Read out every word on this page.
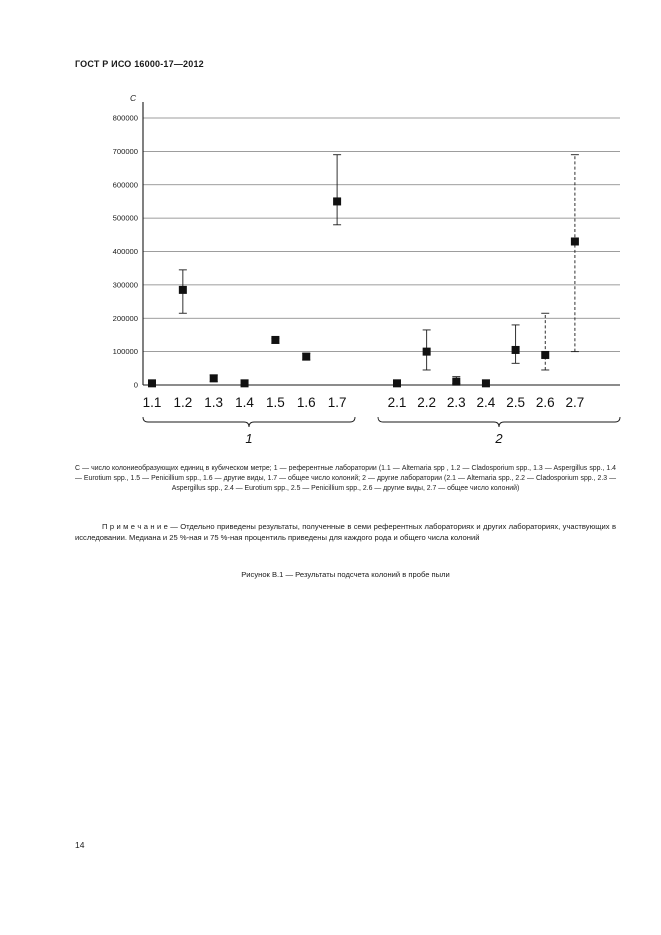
ГОСТ Р ИСО 16000-17—2012
0
100000
200000
300000
400000
500000
600000
700000
800000
С
1.1 1.2 1.3 1.4 1.5 1.6 1.7	2.1 2.2 2.3 2.4 2.5 2.6 2.7
1	2
С — число колониеобразующих единиц в кубическом метре; 1 — референтные лаборатории (1.1 — Alternaria spp , 1.2 — Cladosporium spp., 1.3 — Aspergillus spp., 1.4 — Eurotium spp., 1.5 — Penicillium spp., 1.6 — другие виды, 1.7 — общее число колоний; 2 — другие лаборатории (2.1 — Alternaria spp., 2.2 — Cladosporium spp., 2.3 — Aspergillus spp., 2.4 — Eurotium spp., 2.5 — Penicillium spp., 2.6 — другие виды, 2.7 — общее число колоний)
П р и м е ч а н и е — Отдельно приведены результаты, полученные в семи референтных лабораториях и других лабораториях, участвующих в исследовании. Медиана и 25 %-ная и 75 %-ная процентиль приведены для каждого рода и общего числа колоний
Рисунок В.1 — Результаты подсчета колоний в пробе пыли
14
